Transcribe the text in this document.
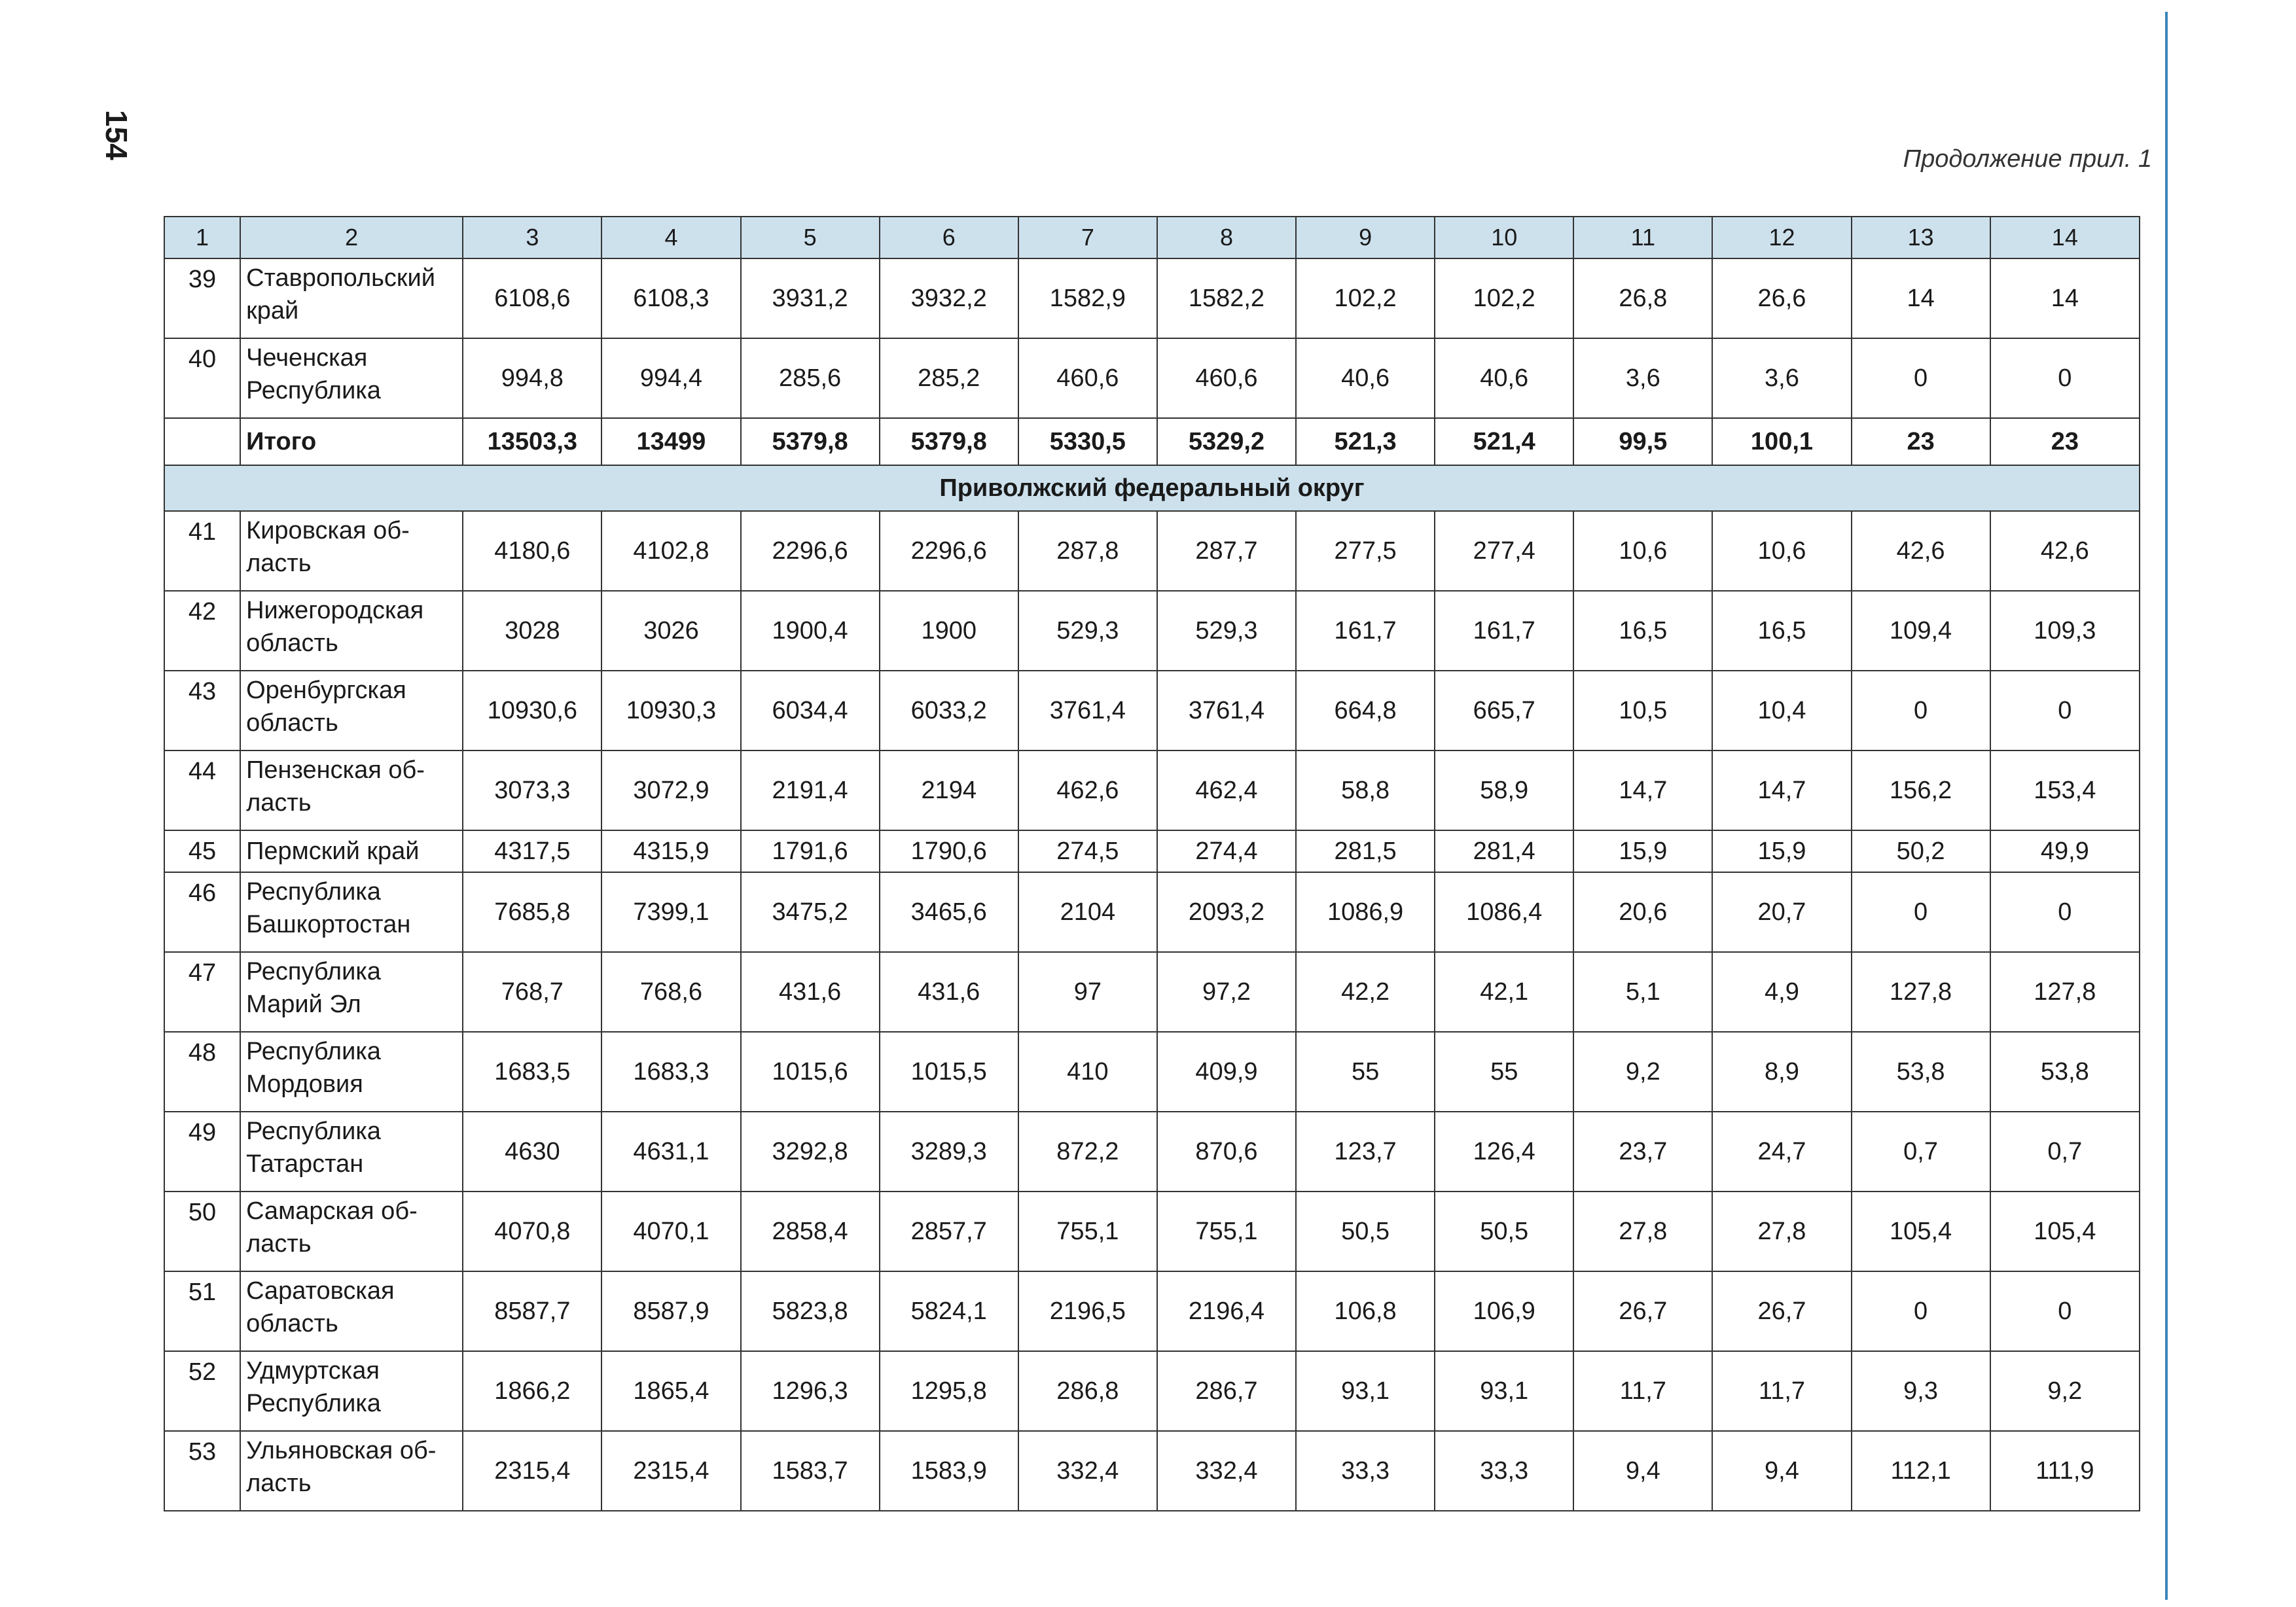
154	Продолжение прил. 1
1	2	3	4	5	6	7	8	9	10	11	12	13	14
39	Ставропольский край	6108,6	6108,3	3931,2	3932,2	1582,9	1582,2	102,2	102,2	26,8	26,6	14	14
40	Чеченская Республика	994,8	994,4	285,6	285,2	460,6	460,6	40,6	40,6	3,6	3,6	0	0
	Итого	13503,3	13499	5379,8	5379,8	5330,5	5329,2	521,3	521,4	99,5	100,1	23	23
Приволжский федеральный округ													
41	Кировская об-ласть	4180,6	4102,8	2296,6	2296,6	287,8	287,7	277,5	277,4	10,6	10,6	42,6	42,6
42	Нижегородская область	3028	3026	1900,4	1900	529,3	529,3	161,7	161,7	16,5	16,5	109,4	109,3
43	Оренбургская область	10930,6	10930,3	6034,4	6033,2	3761,4	3761,4	664,8	665,7	10,5	10,4	0	0
44	Пензенская об-ласть	3073,3	3072,9	2191,4	2194	462,6	462,4	58,8	58,9	14,7	14,7	156,2	153,4
45	Пермский край	4317,5	4315,9	1791,6	1790,6	274,5	274,4	281,5	281,4	15,9	15,9	50,2	49,9
46	Республика Башкортостан	7685,8	7399,1	3475,2	3465,6	2104	2093,2	1086,9	1086,4	20,6	20,7	0	0
47	Республика Марий Эл	768,7	768,6	431,6	431,6	97	97,2	42,2	42,1	5,1	4,9	127,8	127,8
48	Республика Мордовия	1683,5	1683,3	1015,6	1015,5	410	409,9	55	55	9,2	8,9	53,8	53,8
49	Республика Татарстан	4630	4631,1	3292,8	3289,3	872,2	870,6	123,7	126,4	23,7	24,7	0,7	0,7
50	Самарская об-ласть	4070,8	4070,1	2858,4	2857,7	755,1	755,1	50,5	50,5	27,8	27,8	105,4	105,4
51	Саратовская область	8587,7	8587,9	5823,8	5824,1	2196,5	2196,4	106,8	106,9	26,7	26,7	0	0
52	Удмуртская Республика	1866,2	1865,4	1296,3	1295,8	286,8	286,7	93,1	93,1	11,7	11,7	9,3	9,2
53	Ульяновская об-ласть	2315,4	2315,4	1583,7	1583,9	332,4	332,4	33,3	33,3	9,4	9,4	112,1	111,9
